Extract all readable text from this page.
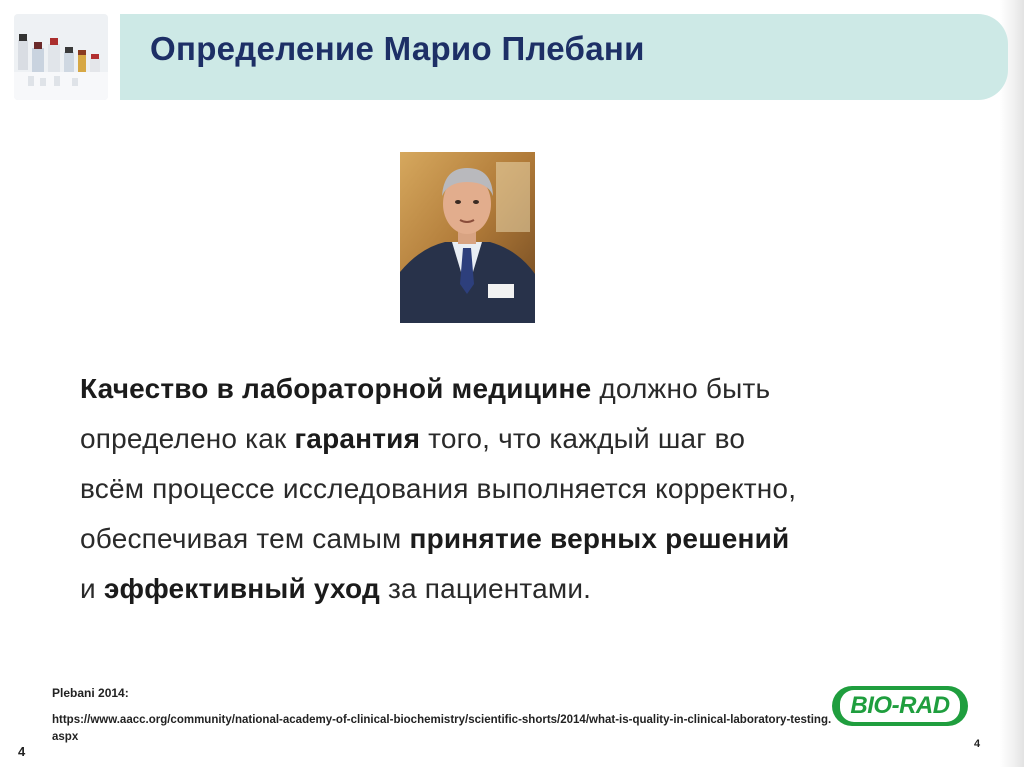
Определение Марио Плебани
Качество в лабораторной медицине должно быть
определено как гарантия того, что каждый шаг во
всём процессе исследования выполняется корректно,
обеспечивая тем самым принятие верных решений
и эффективный уход за пациентами.
Plebani 2014:
https://www.aacc.org/community/national-academy-of-clinical-biochemistry/scientific-shorts/2014/what-is-quality-in-clinical-laboratory-testing.aspx
BIO-RAD
4	4
